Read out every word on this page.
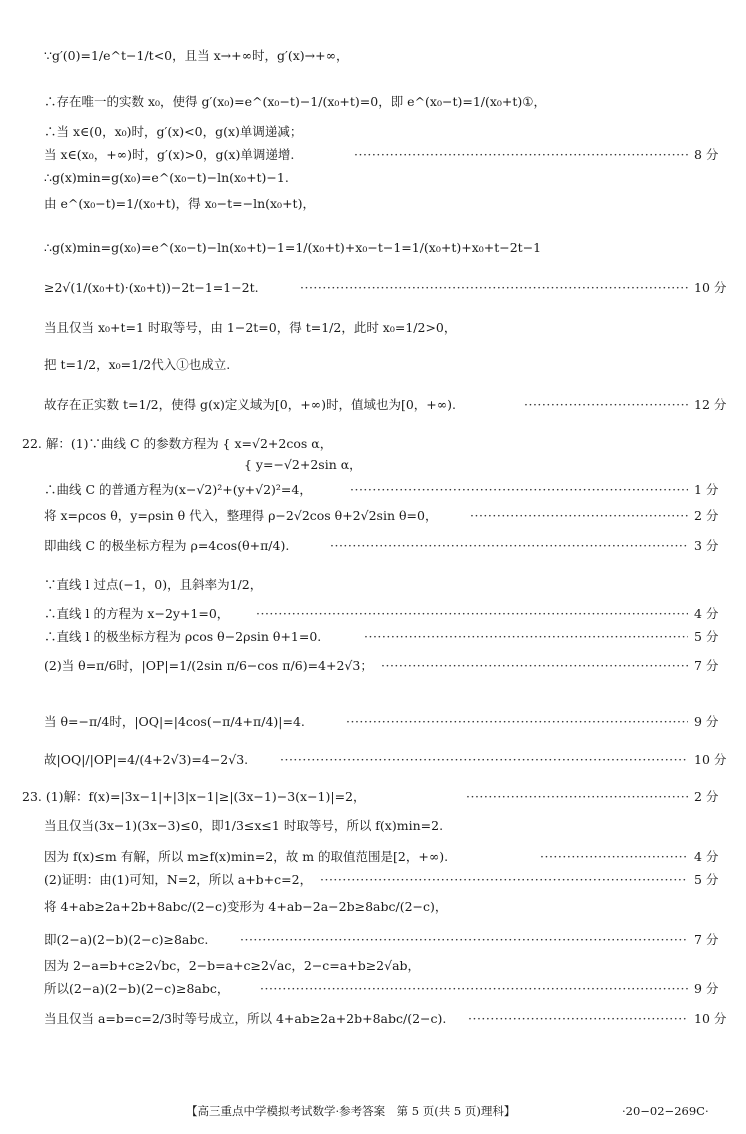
∵g′(0)=1/e^t−1/t<0，且当 x→+∞时，g′(x)→+∞，
∴存在唯一的实数 x₀，使得 g′(x₀)=e^(x₀−t)−1/(x₀+t)=0，即 e^(x₀−t)=1/(x₀+t)①，
∴当 x∈(0，x₀)时，g′(x)<0，g(x)单调递减；
当 x∈(x₀，+∞)时，g′(x)>0，g(x)单调递增. ·····	8 分
∴g(x)min=g(x₀)=e^(x₀−t)−ln(x₀+t)−1.
由 e^(x₀−t)=1/(x₀+t)，得 x₀−t=−ln(x₀+t)，
∴g(x)min=g(x₀)=e^(x₀−t)−ln(x₀+t)−1=1/(x₀+t)+x₀−t−1=1/(x₀+t)+x₀+t−2t−1
≥2√(1/(x₀+t)·(x₀+t))−2t−1=1−2t. ·····	10 分
当且仅当 x₀+t=1 时取等号，由 1−2t=0，得 t=1/2，此时 x₀=1/2>0，
把 t=1/2，x₀=1/2代入①也成立.
故存在正实数 t=1/2，使得 g(x)定义域为[0，+∞)时，值域也为[0，+∞). ·····	12 分
22. 解：(1)∵曲线 C 的参数方程为 { x=√2+2cos α，
{ y=−√2+2sin α，
∴曲线 C 的普通方程为(x−√2)²+(y+√2)²=4， ·····	1 分
将 x=ρcos θ，y=ρsin θ 代入，整理得 ρ−2√2cos θ+2√2sin θ=0， ·····	2 分
即曲线 C 的极坐标方程为 ρ=4cos(θ+π/4). ·····	3 分
∵直线 l 过点(−1，0)，且斜率为1/2，
∴直线 l 的方程为 x−2y+1=0， ·····	4 分
∴直线 l 的极坐标方程为 ρcos θ−2ρsin θ+1=0. ·····	5 分
(2)当 θ=π/6时，|OP|=1/(2sin π/6−cos π/6)=4+2√3； ·····	7 分
当 θ=−π/4时，|OQ|=|4cos(−π/4+π/4)|=4. ·····	9 分
故|OQ|/|OP|=4/(4+2√3)=4−2√3. ·····	10 分
23. (1)解：f(x)=|3x−1|+|3|x−1|≥|(3x−1)−3(x−1)|=2， ·····	2 分
当且仅当(3x−1)(3x−3)≤0，即1/3≤x≤1 时取等号，所以 f(x)min=2.
因为 f(x)≤m 有解，所以 m≥f(x)min=2，故 m 的取值范围是[2，+∞). ·····	4 分
(2)证明：由(1)可知，N=2，所以 a+b+c=2， ·····	5 分
将 4+ab≥2a+2b+8abc/(2−c)变形为 4+ab−2a−2b≥8abc/(2−c)，
即(2−a)(2−b)(2−c)≥8abc. ·····	7 分
因为 2−a=b+c≥2√bc，2−b=a+c≥2√ac，2−c=a+b≥2√ab，
所以(2−a)(2−b)(2−c)≥8abc， ·····	9 分
当且仅当 a=b=c=2/3时等号成立，所以 4+ab≥2a+2b+8abc/(2−c). ·····	10 分
【高三重点中学模拟考试数学·参考答案　第 5 页(共 5 页)理科】	·20−02−269C·
